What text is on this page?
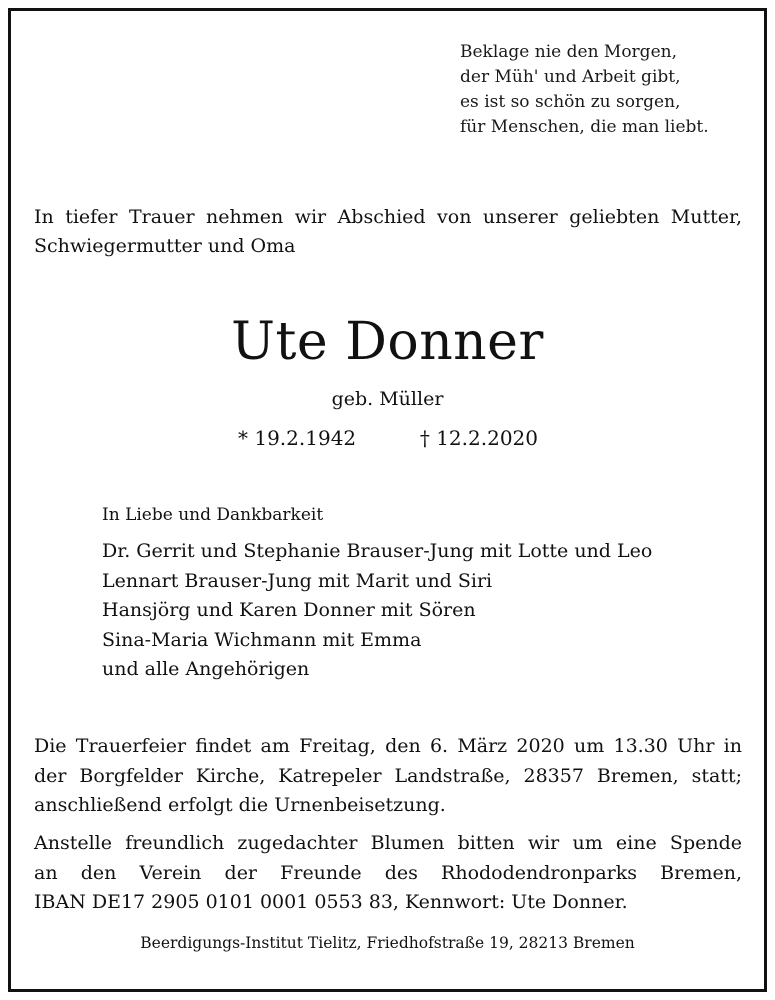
Beklage nie den Morgen,
der Müh' und Arbeit gibt,
es ist so schön zu sorgen,
für Menschen, die man liebt.
In tiefer Trauer nehmen wir Abschied von unserer geliebten Mutter,
Schwiegermutter und Oma
Ute Donner
geb. Müller
* 19.2.1942	† 12.2.2020
In Liebe und Dankbarkeit
Dr. Gerrit und Stephanie Brauser-Jung mit Lotte und Leo
Lennart Brauser-Jung mit Marit und Siri
Hansjörg und Karen Donner mit Sören
Sina-Maria Wichmann mit Emma
und alle Angehörigen
Die Trauerfeier findet am Freitag, den 6. März 2020 um 13.30 Uhr in
der Borgfelder Kirche, Katrepeler Landstraße, 28357 Bremen, statt;
anschließend erfolgt die Urnenbeisetzung.
Anstelle freundlich zugedachter Blumen bitten wir um eine Spende
an den Verein der Freunde des Rhododendronparks Bremen,
IBAN DE17 2905 0101 0001 0553 83, Kennwort: Ute Donner.
Beerdigungs-Institut Tielitz, Friedhofstraße 19, 28213 Bremen
